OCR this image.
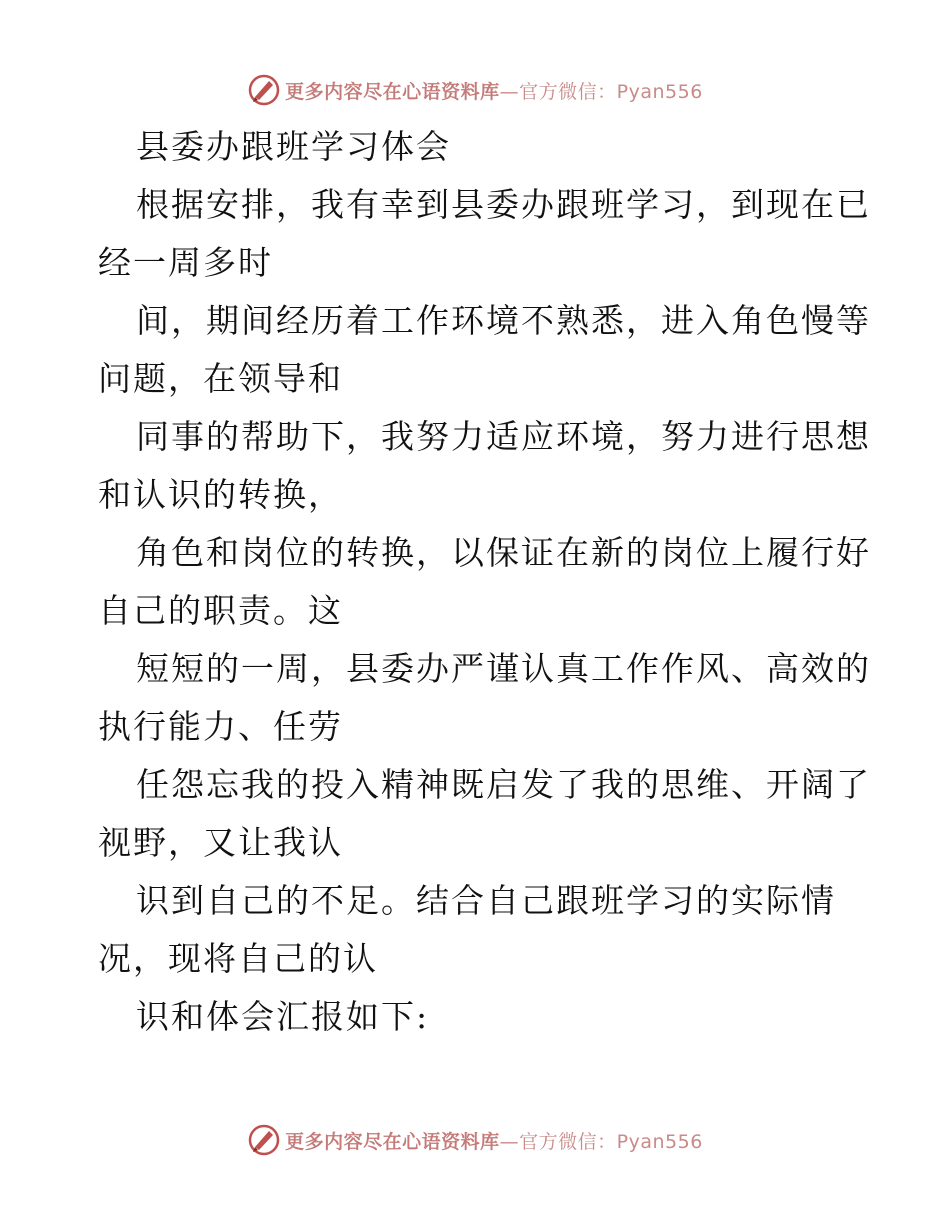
更多内容尽在心语资料库—官方微信：Pyan556
县委办跟班学习体会
根据安排，我有幸到县委办跟班学习，到现在已
经一周多时
间，期间经历着工作环境不熟悉，进入角色慢等
问题，在领导和
同事的帮助下，我努力适应环境，努力进行思想
和认识的转换，
角色和岗位的转换，以保证在新的岗位上履行好
自己的职责。这
短短的一周，县委办严谨认真工作作风、高效的
执行能力、任劳
任怨忘我的投入精神既启发了我的思维、开阔了
视野，又让我认
识到自己的不足。结合自己跟班学习的实际情
况，现将自己的认
识和体会汇报如下:
更多内容尽在心语资料库—官方微信：Pyan556
